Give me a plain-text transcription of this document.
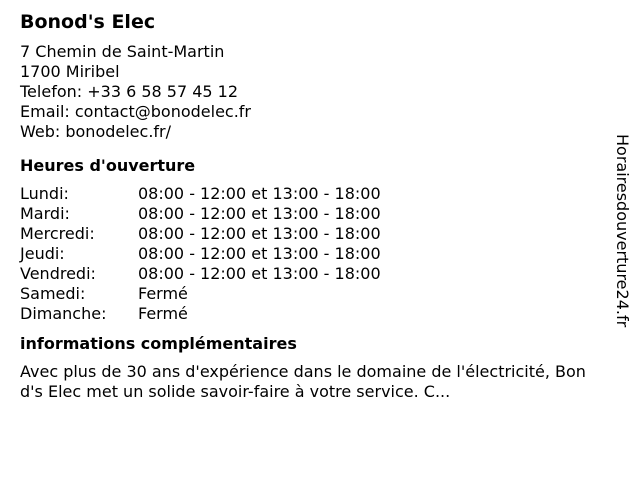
Bonod's Elec
7 Chemin de Saint-Martin
1700 Miribel
Telefon: +33 6 58 57 45 12
Email: contact@bonodelec.fr
Web: bonodelec.fr/
Heures d'ouverture
Lundi:	08:00 - 12:00 et 13:00 - 18:00
Mardi:	08:00 - 12:00 et 13:00 - 18:00
Mercredi:	08:00 - 12:00 et 13:00 - 18:00
Jeudi:	08:00 - 12:00 et 13:00 - 18:00
Vendredi:	08:00 - 12:00 et 13:00 - 18:00
Samedi:	Fermé
Dimanche:	Fermé
informations complémentaires

Avec plus de 30 ans d'expérience dans le domaine de l'électricité, Bond's Elec met un solide savoir-faire à votre service. C...

Horairesdouverture24.fr
